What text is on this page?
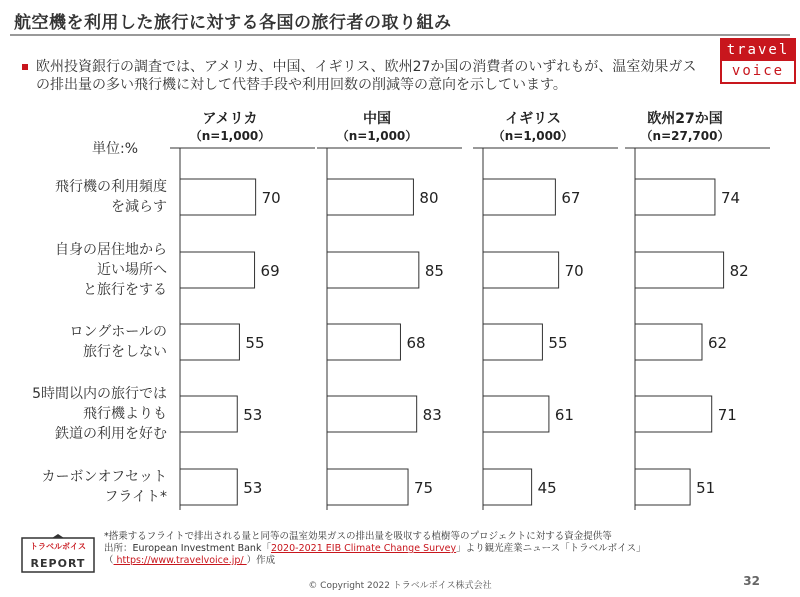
航空機を利用した旅行に対する各国の旅行者の取り組み
travel
voice
欧州投資銀行の調査では、アメリカ、中国、イギリス、欧州27か国の消費者のいずれもが、温室効果ガスの排出量の多い飛行機に対して代替手段や利用回数の削減等の意向を示しています。
単位:%
アメリカ
（n=1,000）
中国
（n=1,000）
イギリス
（n=1,000）
欧州27か国
（n=27,700）
飛行機の利用頻度
を減らす
自身の居住地から
近い場所へ
と旅行をする
ロングホールの
旅行をしない
5時間以内の旅行では
飛行機よりも
鉄道の利用を好む
カーボンオフセット
フライト*
70
69
55
53
53
80
85
68
83
75
67
70
55
61
45
74
82
62
71
51
トラベルボイス
REPORT
*搭乗するフライトで排出される量と同等の温室効果ガスの排出量を吸収する植樹等のプロジェクトに対する資金提供等
出所：European Investment Bank「2020-2021 EIB Climate Change Survey」より観光産業ニュース「トラベルボイス」
（ https://www.travelvoice.jp/ ）作成
© Copyright 2022 トラベルボイス株式会社	32
